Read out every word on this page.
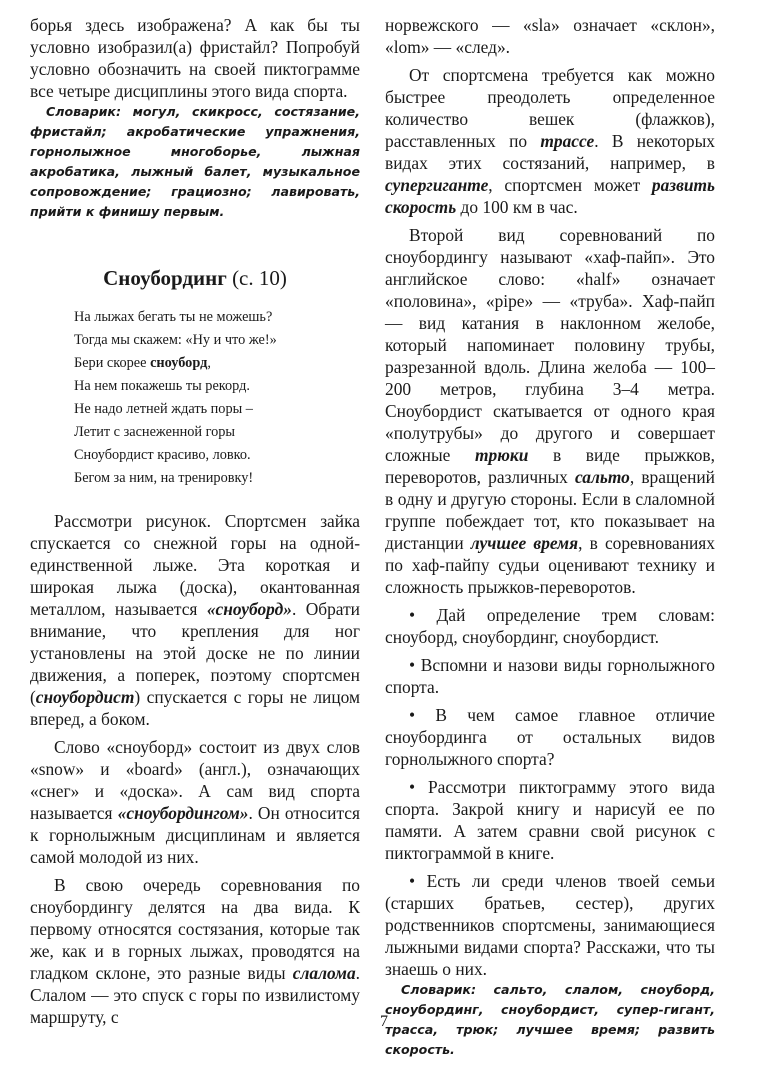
борья здесь изображена? А как бы ты условно изобразил(а) фристайл? Попробуй условно обозначить на своей пиктограмме все четыре дисциплины этого вида спорта.

Словарик: могул, скикросс, состязание, фристайл; акробатические упражнения, горнолыжное многоборье, лыжная акробатика, лыжный балет, музыкальное сопровождение; грациозно; лавировать, прийти к финишу первым.

Сноубординг (с. 10)
На лыжах бегать ты не можешь?
Тогда мы скажем: «Ну и что же!»
Бери скорее сноуборд,
На нем покажешь ты рекорд.
Не надо летней ждать поры –
Летит с заснеженной горы
Сноубордист красиво, ловко.
Бегом за ним, на тренировку!

Рассмотри рисунок. Спортсмен зайка спускается со снежной горы на одной-единственной лыже. Эта короткая и широкая лыжа (доска), окантованная металлом, называется «сноуборд». Обрати внимание, что крепления для ног установлены на этой доске не по линии движения, а поперек, поэтому спортсмен (сноубордист) спускается с горы не лицом вперед, а боком.

Слово «сноуборд» состоит из двух слов «snow» и «board» (англ.), означающих «снег» и «доска». А сам вид спорта называется «сноубордингом». Он относится к горнолыжным дисциплинам и является самой молодой из них.

В свою очередь соревнования по сноубордингу делятся на два вида. К первому относятся состязания, которые так же, как и в горных лыжах, проводятся на гладком склоне, это разные виды слалома. Слалом — это спуск с горы по извилистому маршруту, с

норвежского — «sla» означает «склон», «lom» — «след».

От спортсмена требуется как можно быстрее преодолеть определенное количество вешек (флажков), расставленных по трассе. В некоторых видах этих состязаний, например, в супергиганте, спортсмен может развить скорость до 100 км в час.

Второй вид соревнований по сноубордингу называют «хаф-пайп». Это английское слово: «half» означает «половина», «pipe» — «труба». Хаф-пайп — вид катания в наклонном желобе, который напоминает половину трубы, разрезанной вдоль. Длина желоба — 100–200 метров, глубина 3–4 метра. Сноубордист скатывается от одного края «полутрубы» до другого и совершает сложные трюки в виде прыжков, переворотов, различных сальто, вращений в одну и другую стороны. Если в слаломной группе побеждает тот, кто показывает на дистанции лучшее время, в соревнованиях по хаф-пайпу судьи оценивают технику и сложность прыжков-переворотов.

• Дай определение трем словам: сноуборд, сноубординг, сноубордист.

• Вспомни и назови виды горнолыжного спорта.

• В чем самое главное отличие сноубординга от остальных видов горнолыжного спорта?

• Рассмотри пиктограмму этого вида спорта. Закрой книгу и нарисуй ее по памяти. А затем сравни свой рисунок с пиктограммой в книге.

• Есть ли среди членов твоей семьи (старших братьев, сестер), других родственников спортсмены, занимающиеся лыжными видами спорта? Расскажи, что ты знаешь о них.

Словарик: сальто, слалом, сноуборд, сноубординг, сноубордист, супер-гигант, трасса, трюк; лучшее время; развить скорость.

7
